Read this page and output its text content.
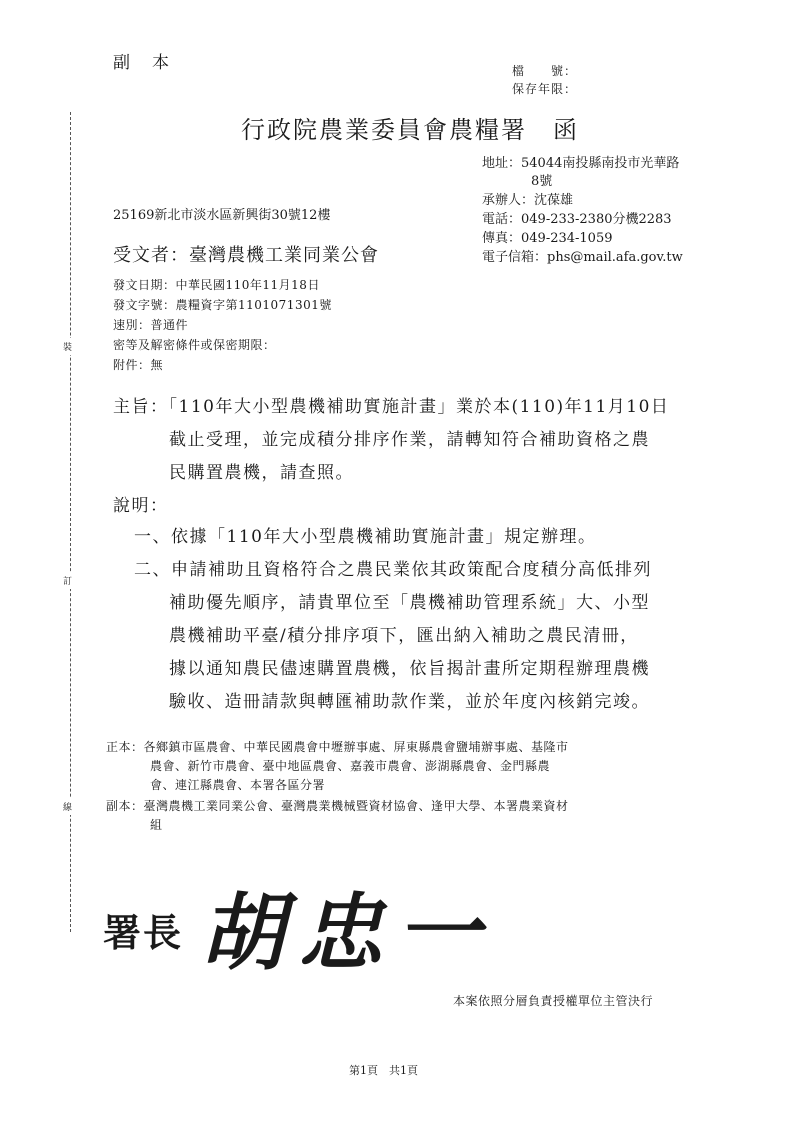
裝
訂
線
副本	檔　　號：
保存年限：
行政院農業委員會農糧署　函
地址：54044南投縣南投市光華路
8號
承辦人：沈葆雄
電話：049-233-2380分機2283
傳真：049-234-1059
電子信箱：phs@mail.afa.gov.tw
25169新北市淡水區新興街30號12樓
受文者：臺灣農機工業同業公會
發文日期：中華民國110年11月18日
發文字號：農糧資字第1101071301號
速別：普通件
密等及解密條件或保密期限：
附件：無
主旨：「110年大小型農機補助實施計畫」業於本(110)年11月10日
截止受理，並完成積分排序作業，請轉知符合補助資格之農
民購置農機，請查照。
說明：
一、依據「110年大小型農機補助實施計畫」規定辦理。
二、申請補助且資格符合之農民業依其政策配合度積分高低排列
補助優先順序，請貴單位至「農機補助管理系統」大、小型
農機補助平臺/積分排序項下，匯出納入補助之農民清冊，
據以通知農民儘速購置農機，依旨揭計畫所定期程辦理農機
驗收、造冊請款與轉匯補助款作業，並於年度內核銷完竣。
正本：各鄉鎮市區農會、中華民國農會中壢辦事處、屏東縣農會鹽埔辦事處、基隆市
農會、新竹市農會、臺中地區農會、嘉義市農會、澎湖縣農會、金門縣農
會、連江縣農會、本署各區分署
副本：臺灣農機工業同業公會、臺灣農業機械暨資材協會、逢甲大學、本署農業資材
組
署長 胡忠一
本案依照分層負責授權單位主管決行
第1頁　共1頁
